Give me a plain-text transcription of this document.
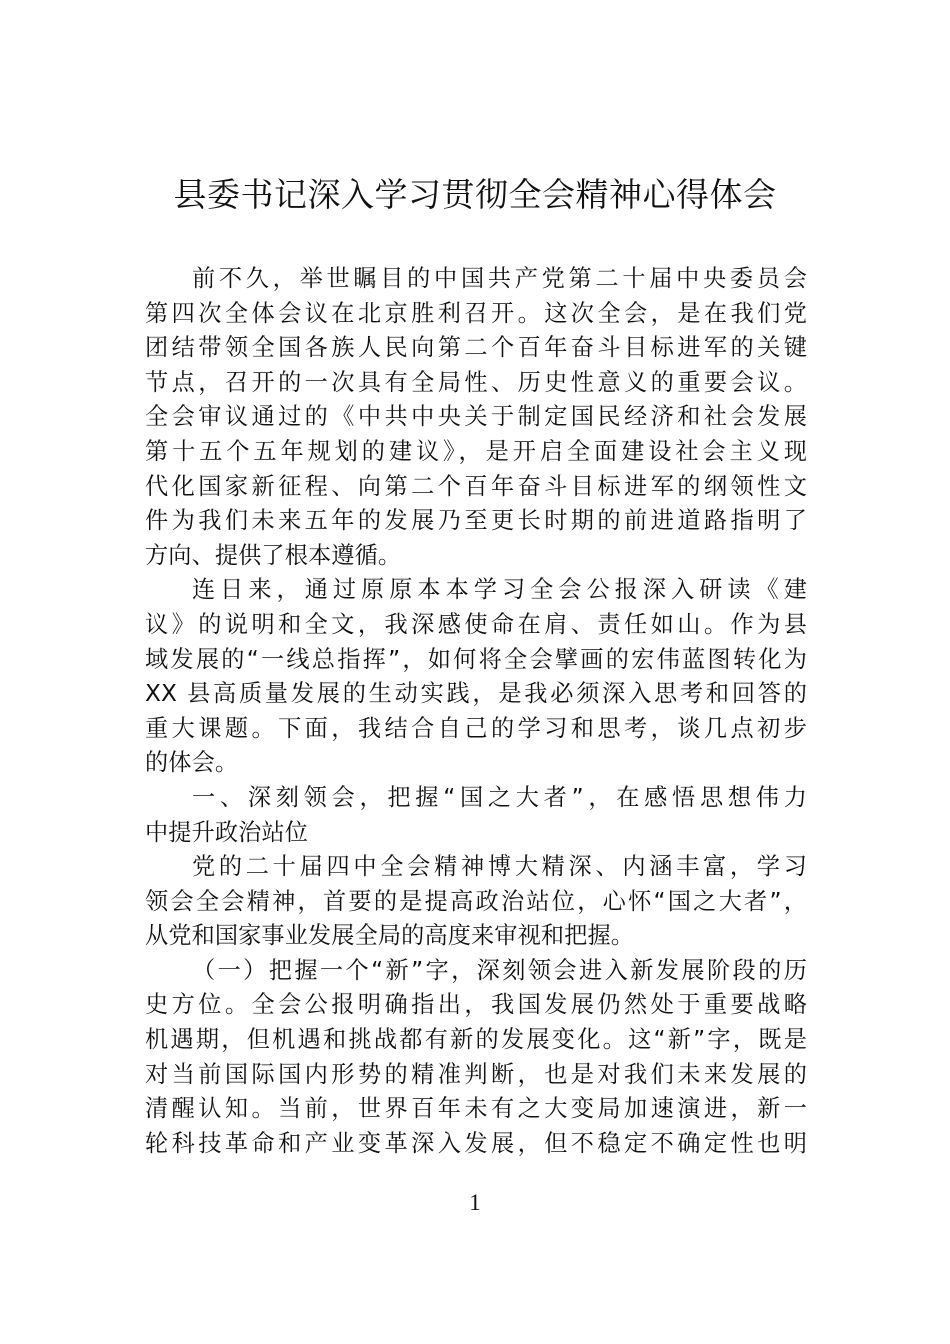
县委书记深入学习贯彻全会精神心得体会
前不久，举世瞩目的中国共产党第二十届中央委员会
第四次全体会议在北京胜利召开。这次全会，是在我们党
团结带领全国各族人民向第二个百年奋斗目标进军的关键
节点，召开的一次具有全局性、历史性意义的重要会议。
全会审议通过的《中共中央关于制定国民经济和社会发展
第十五个五年规划的建议》，是开启全面建设社会主义现
代化国家新征程、向第二个百年奋斗目标进军的纲领性文
件为我们未来五年的发展乃至更长时期的前进道路指明了
方向、提供了根本遵循。
连日来，通过原原本本学习全会公报深入研读《建
议》的说明和全文，我深感使命在肩、责任如山。作为县
域发展的“一线总指挥”，如何将全会擘画的宏伟蓝图转化为
XX 县高质量发展的生动实践，是我必须深入思考和回答的
重大课题。下面，我结合自己的学习和思考，谈几点初步
的体会。
一、深刻领会，把握“国之大者”，在感悟思想伟力
中提升政治站位
党的二十届四中全会精神博大精深、内涵丰富，学习
领会全会精神，首要的是提高政治站位，心怀“国之大者”，
从党和国家事业发展全局的高度来审视和把握。
（一）把握一个“新”字，深刻领会进入新发展阶段的历
史方位。全会公报明确指出，我国发展仍然处于重要战略
机遇期，但机遇和挑战都有新的发展变化。这“新”字，既是
对当前国际国内形势的精准判断，也是对我们未来发展的
清醒认知。当前，世界百年未有之大变局加速演进，新一
轮科技革命和产业变革深入发展，但不稳定不确定性也明
1
